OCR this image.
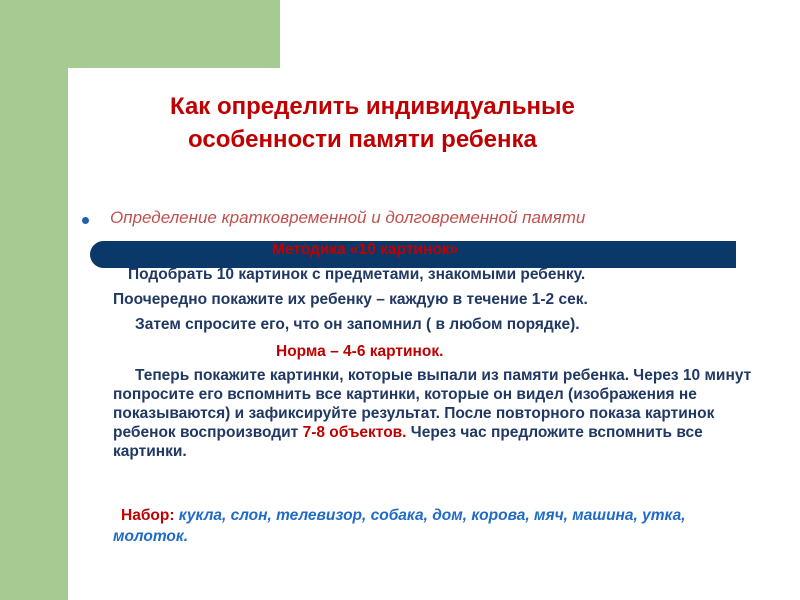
Как определить индивидуальные
особенности памяти ребенка
Определение кратковременной и долговременной памяти
Методика «10 картинок»
Подобрать 10 картинок с предметами, знакомыми ребенку.
Поочередно покажите их ребенку – каждую в течение 1-2 сек.
Затем спросите его, что он запомнил ( в любом порядке).
Норма – 4-6 картинок.
Теперь покажите картинки, которые выпали из памяти ребенка. Через 10 минут попросите его вспомнить все картинки, которые он видел (изображения не показываются) и зафиксируйте результат. После повторного показа картинок ребенок воспроизводит 7-8 объектов. Через час предложите вспомнить все картинки.
Набор: кукла, слон, телевизор, собака, дом, корова, мяч, машина, утка, молоток.
